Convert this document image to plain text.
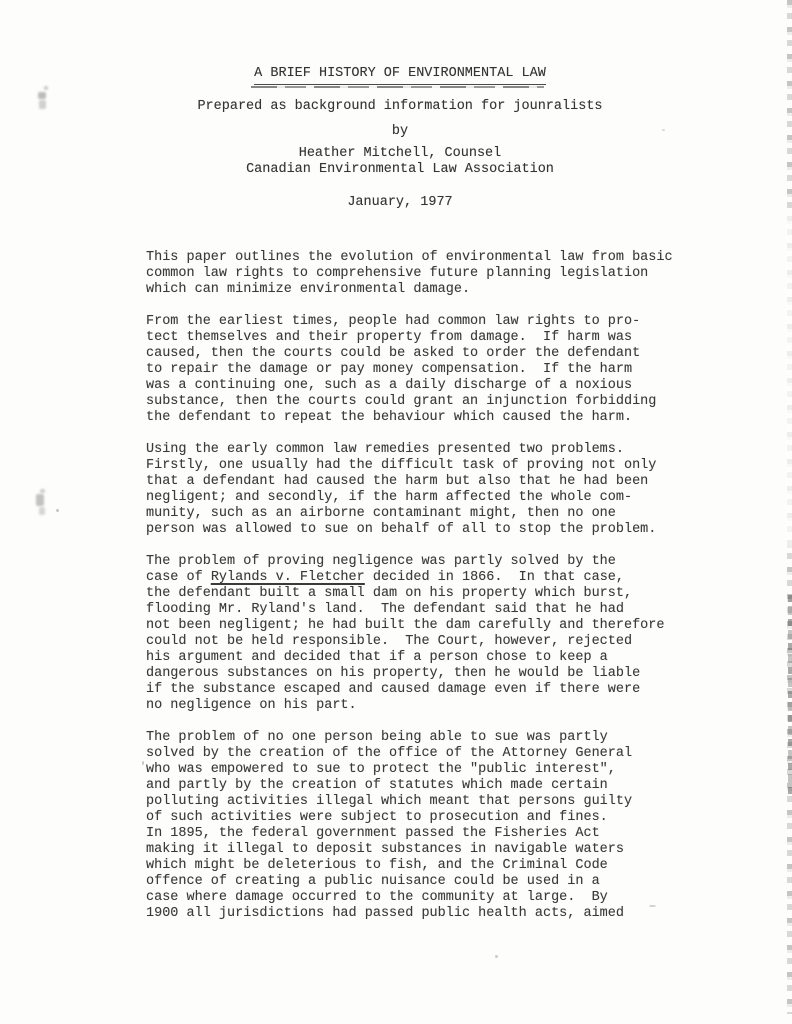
A BRIEF HISTORY OF ENVIRONMENTAL LAW
Prepared as background information for jounralists
by
Heather Mitchell, Counsel
Canadian Environmental Law Association
January, 1977
This paper outlines the evolution of environmental law from basic
common law rights to comprehensive future planning legislation
which can minimize environmental damage.
From the earliest times, people had common law rights to pro-
tect themselves and their property from damage.  If harm was
caused, then the courts could be asked to order the defendant
to repair the damage or pay money compensation.  If the harm
was a continuing one, such as a daily discharge of a noxious
substance, then the courts could grant an injunction forbidding
the defendant to repeat the behaviour which caused the harm.
Using the early common law remedies presented two problems.
Firstly, one usually had the difficult task of proving not only
that a defendant had caused the harm but also that he had been
negligent; and secondly, if the harm affected the whole com-
munity, such as an airborne contaminant might, then no one
person was allowed to sue on behalf of all to stop the problem.
The problem of proving negligence was partly solved by the
case of Rylands v. Fletcher decided in 1866.  In that case,
the defendant built a small dam on his property which burst,
flooding Mr. Ryland's land.  The defendant said that he had
not been negligent; he had built the dam carefully and therefore
could not be held responsible.  The Court, however, rejected
his argument and decided that if a person chose to keep a
dangerous substances on his property, then he would be liable
if the substance escaped and caused damage even if there were
no negligence on his part.
The problem of no one person being able to sue was partly
solved by the creation of the office of the Attorney General
who was empowered to sue to protect the "public interest",
and partly by the creation of statutes which made certain
polluting activities illegal which meant that persons guilty
of such activities were subject to prosecution and fines.
In 1895, the federal government passed the Fisheries Act
making it illegal to deposit substances in navigable waters
which might be deleterious to fish, and the Criminal Code
offence of creating a public nuisance could be used in a
case where damage occurred to the community at large.  By
1900 all jurisdictions had passed public health acts, aimed
